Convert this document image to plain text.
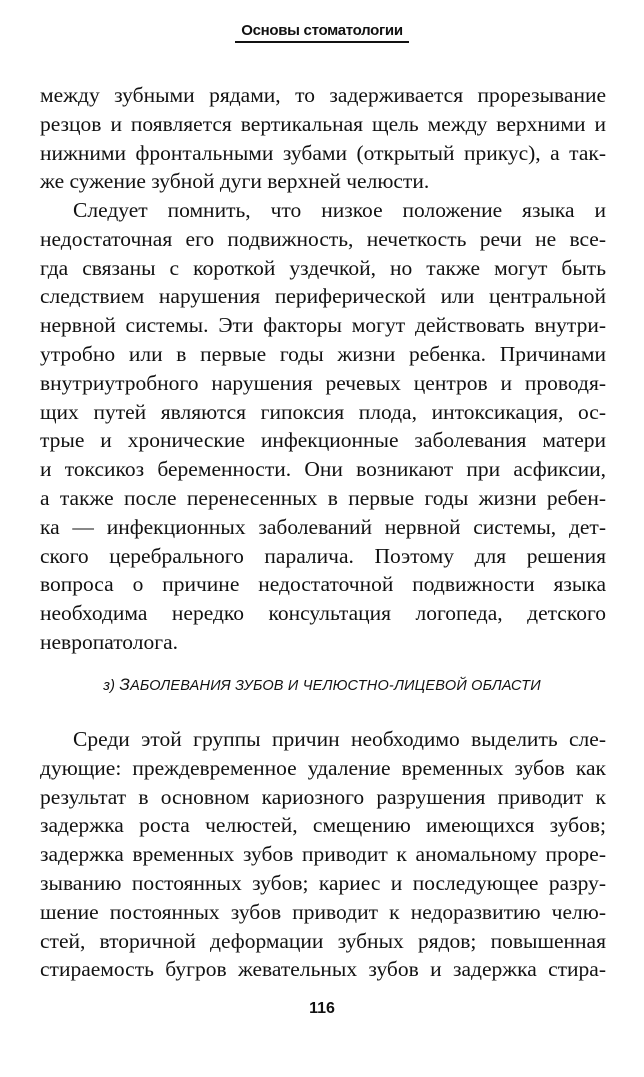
Основы стоматологии
между зубными рядами, то задерживается прорезывание
резцов и появляется вертикальная щель между верхними и
нижними фронтальными зубами (открытый прикус), а так-
же сужение зубной дуги верхней челюсти.
Следует помнить, что низкое положение языка и
недостаточная его подвижность, нечеткость речи не все-
гда связаны с короткой уздечкой, но также могут быть
следствием нарушения периферической или центральной
нервной системы. Эти факторы могут действовать внутри-
утробно или в первые годы жизни ребенка. Причинами
внутриутробного нарушения речевых центров и проводя-
щих путей являются гипоксия плода, интоксикация, ос-
трые и хронические инфекционные заболевания матери
и токсикоз беременности. Они возникают при асфиксии,
а также после перенесенных в первые годы жизни ребен-
ка — инфекционных заболеваний нервной системы, дет-
ского церебрального паралича. Поэтому для решения
вопроса о причине недостаточной подвижности языка
необходима нередко консультация логопеда, детского
невропатолога.
з) ЗАБОЛЕВАНИЯ ЗУБОВ И ЧЕЛЮСТНО-ЛИЦЕВОЙ ОБЛАСТИ
Среди этой группы причин необходимо выделить сле-
дующие: преждевременное удаление временных зубов как
результат в основном кариозного разрушения приводит к
задержка роста челюстей, смещению имеющихся зубов;
задержка временных зубов приводит к аномальному проре-
зыванию постоянных зубов; кариес и последующее разру-
шение постоянных зубов приводит к недоразвитию челю-
стей, вторичной деформации зубных рядов; повышенная
стираемость бугров жевательных зубов и задержка стира-
116
